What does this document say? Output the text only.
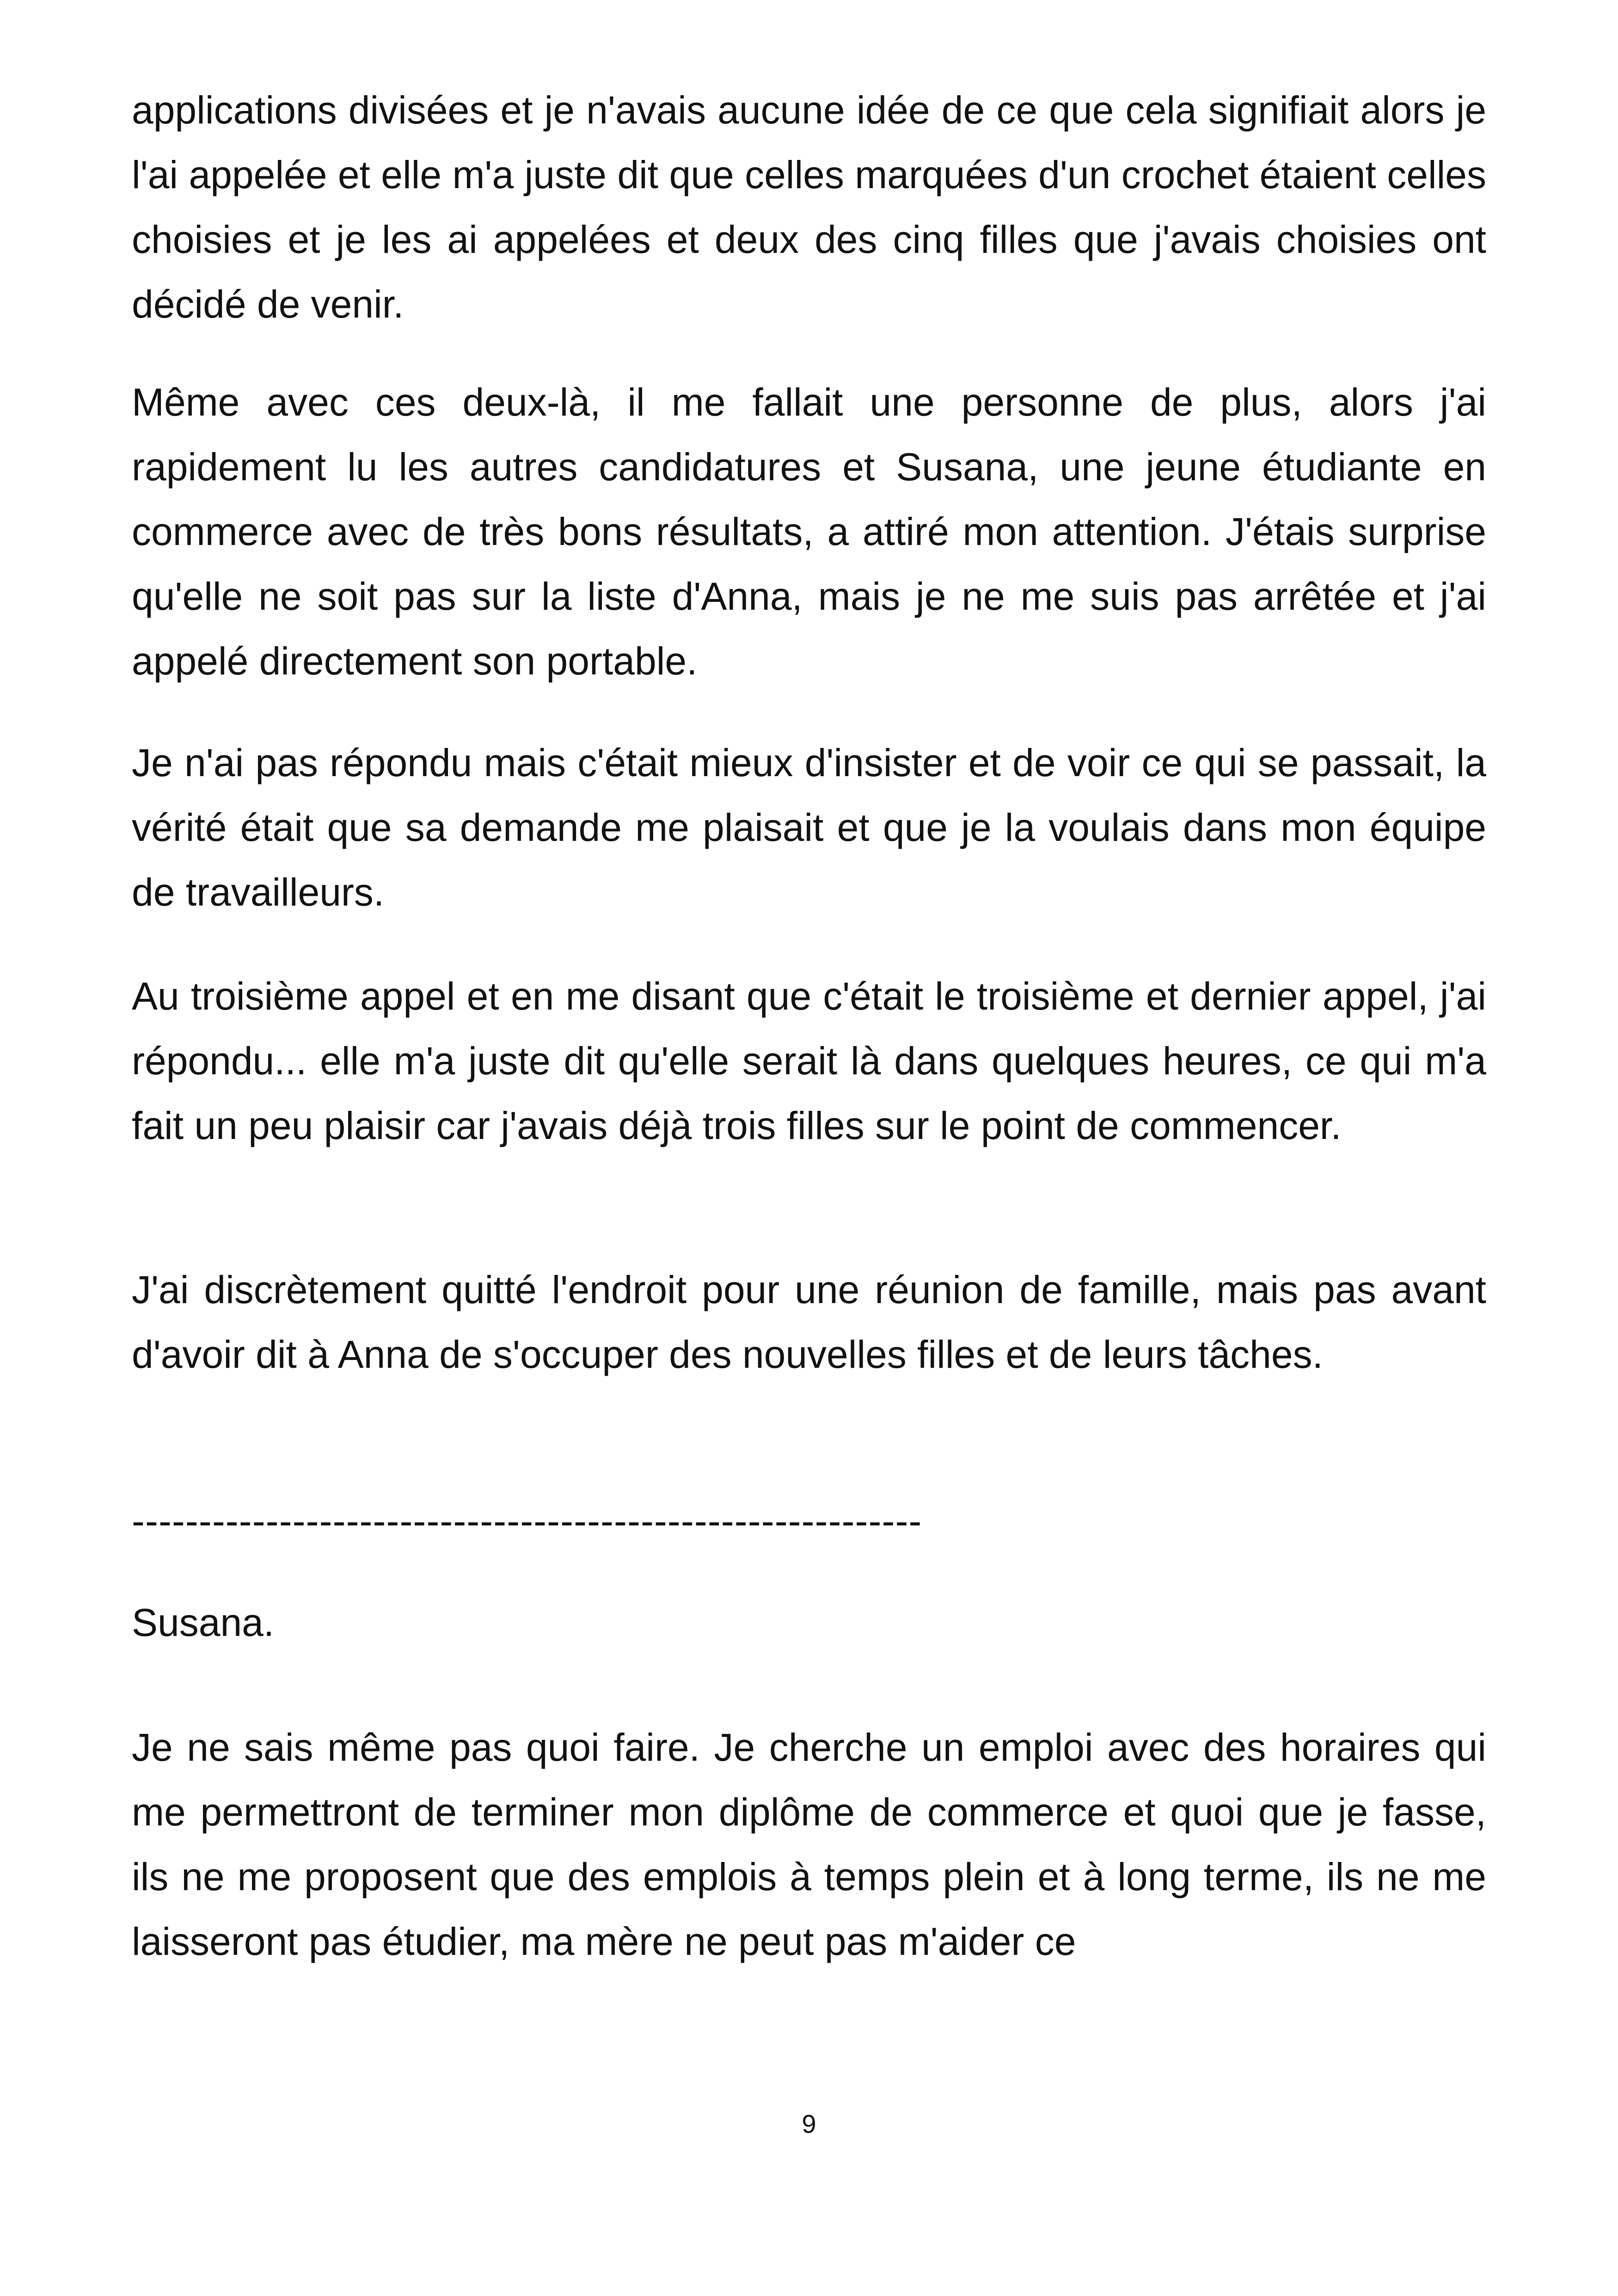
applications divisées et je n'avais aucune idée de ce que cela signifiait alors je l'ai appelée et elle m'a juste dit que celles marquées d'un crochet étaient celles choisies et je les ai appelées et deux des cinq filles que j'avais choisies ont décidé de venir.

Même avec ces deux-là, il me fallait une personne de plus, alors j'ai rapidement lu les autres candidatures et Susana, une jeune étudiante en commerce avec de très bons résultats, a attiré mon attention. J'étais surprise qu'elle ne soit pas sur la liste d'Anna, mais je ne me suis pas arrêtée et j'ai appelé directement son portable.

Je n'ai pas répondu mais c'était mieux d'insister et de voir ce qui se passait, la vérité était que sa demande me plaisait et que je la voulais dans mon équipe de travailleurs.

Au troisième appel et en me disant que c'était le troisième et dernier appel, j'ai répondu... elle m'a juste dit qu'elle serait là dans quelques heures, ce qui m'a fait un peu plaisir car j'avais déjà trois filles sur le point de commencer.

J'ai discrètement quitté l'endroit pour une réunion de famille, mais pas avant d'avoir dit à Anna de s'occuper des nouvelles filles et de leurs tâches.

-----------------------------------------------------------

Susana.

Je ne sais même pas quoi faire. Je cherche un emploi avec des horaires qui me permettront de terminer mon diplôme de commerce et quoi que je fasse, ils ne me proposent que des emplois à temps plein et à long terme, ils ne me laisseront pas étudier, ma mère ne peut pas m'aider ce

9
